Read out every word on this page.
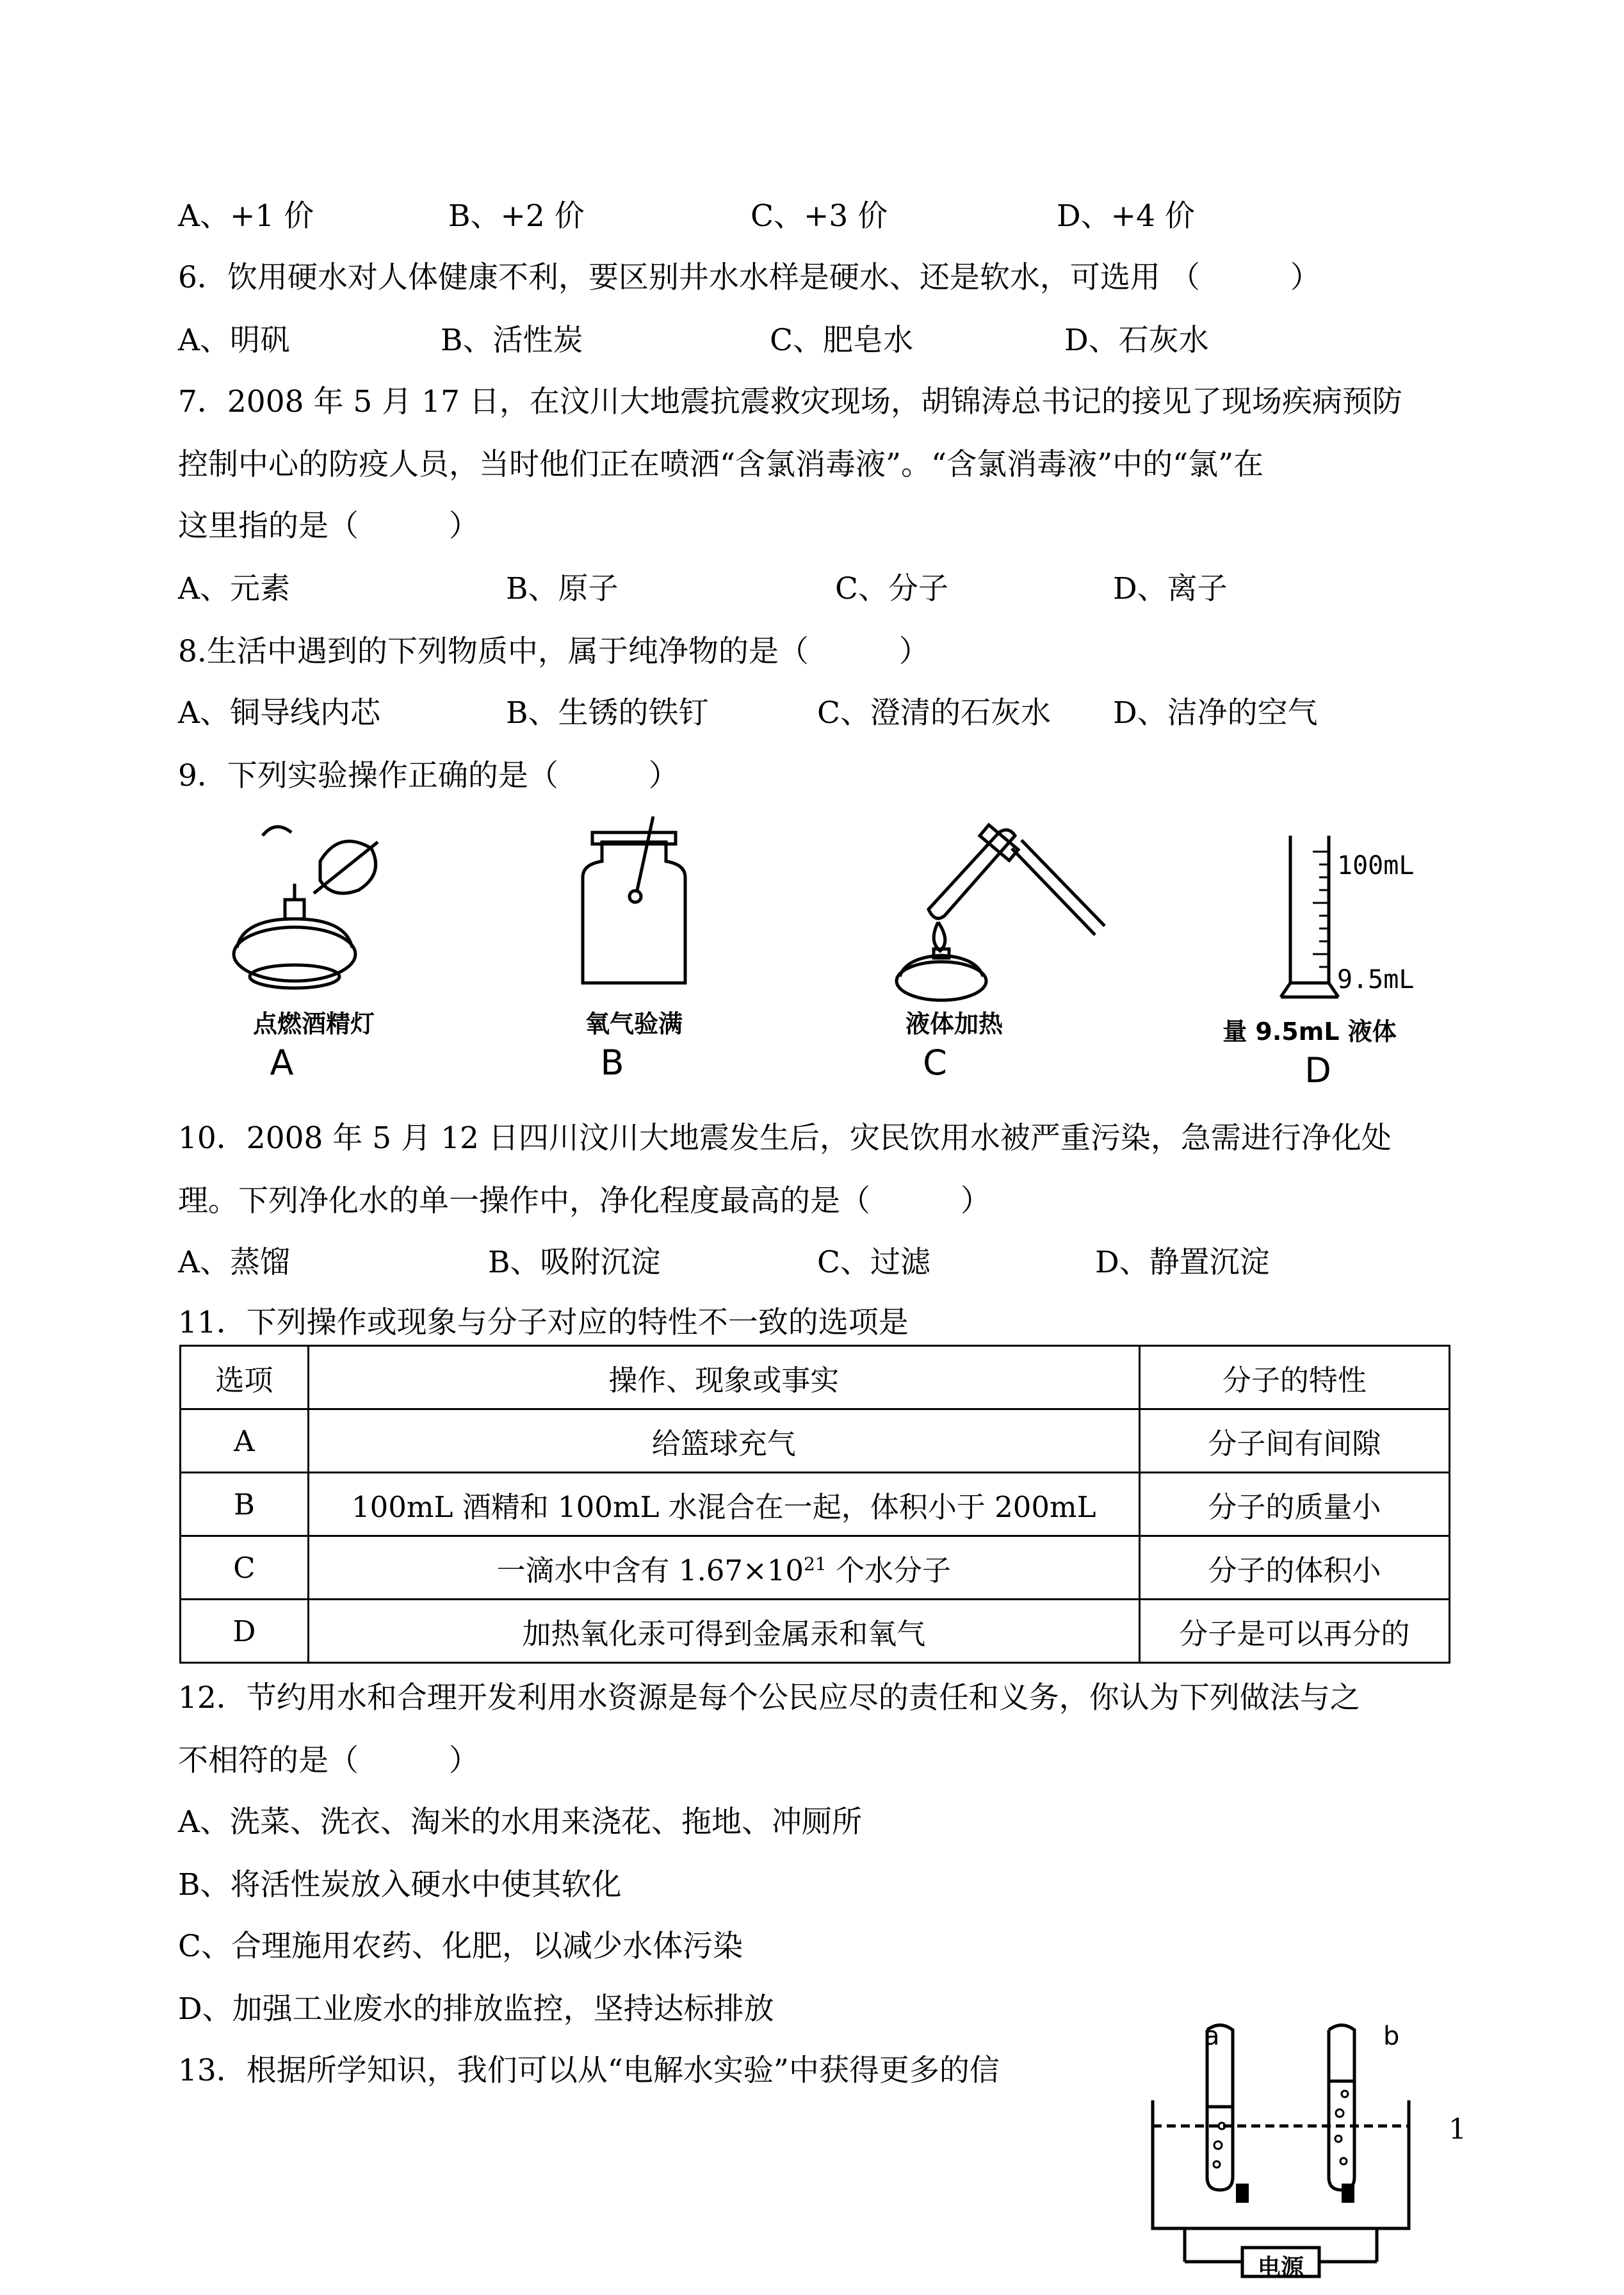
A、+1 价	B、+2 价	C、+3 价	D、+4 价
6．饮用硬水对人体健康不利，要区别井水水样是硬水、还是软水，可选用 （　　　）
A、明矾	B、活性炭	C、肥皂水	D、石灰水
7．2008 年 5 月 17 日，在汶川大地震抗震救灾现场，胡锦涛总书记的接见了现场疾病预防
控制中心的防疫人员，当时他们正在喷洒“含氯消毒液”。“含氯消毒液”中的“氯”在
这里指的是（　　　）
A、元素	B、原子	C、分子	D、离子
8.生活中遇到的下列物质中，属于纯净物的是（　　　）
A、铜导线内芯	B、生锈的铁钉	C、澄清的石灰水 D、洁净的空气
9．下列实验操作正确的是（　　　）
点燃酒精灯
A
氧气验满
B
液体加热
C
100mL
9.5mL
量 9.5mL 液体
D
10．2008 年 5 月 12 日四川汶川大地震发生后，灾民饮用水被严重污染，急需进行净化处
理。下列净化水的单一操作中，净化程度最高的是（　　　）
A、蒸馏	B、吸附沉淀	C、过滤	D、静置沉淀
11．下列操作或现象与分子对应的特性不一致的选项是
选项	操作、现象或事实	分子的特性
A	给篮球充气	分子间有间隙
B	100mL 酒精和 100mL 水混合在一起，体积小于 200mL	分子的质量小
C	一滴水中含有 $1.67\times 10^{21}$ 个水分子	分子的体积小
D	加热氧化汞可得到金属汞和氧气	分子是可以再分的
12．节约用水和合理开发利用水资源是每个公民应尽的责任和义务，你认为下列做法与之
不相符的是（　　　）
A、洗菜、洗衣、淘米的水用来浇花、拖地、冲厕所
B、将活性炭放入硬水中使其软化
C、合理施用农药、化肥，以减少水体污染
D、加强工业废水的排放监控，坚持达标排放
13．根据所学知识，我们可以从“电解水实验”中获得更多的信
a	b
电源
1
